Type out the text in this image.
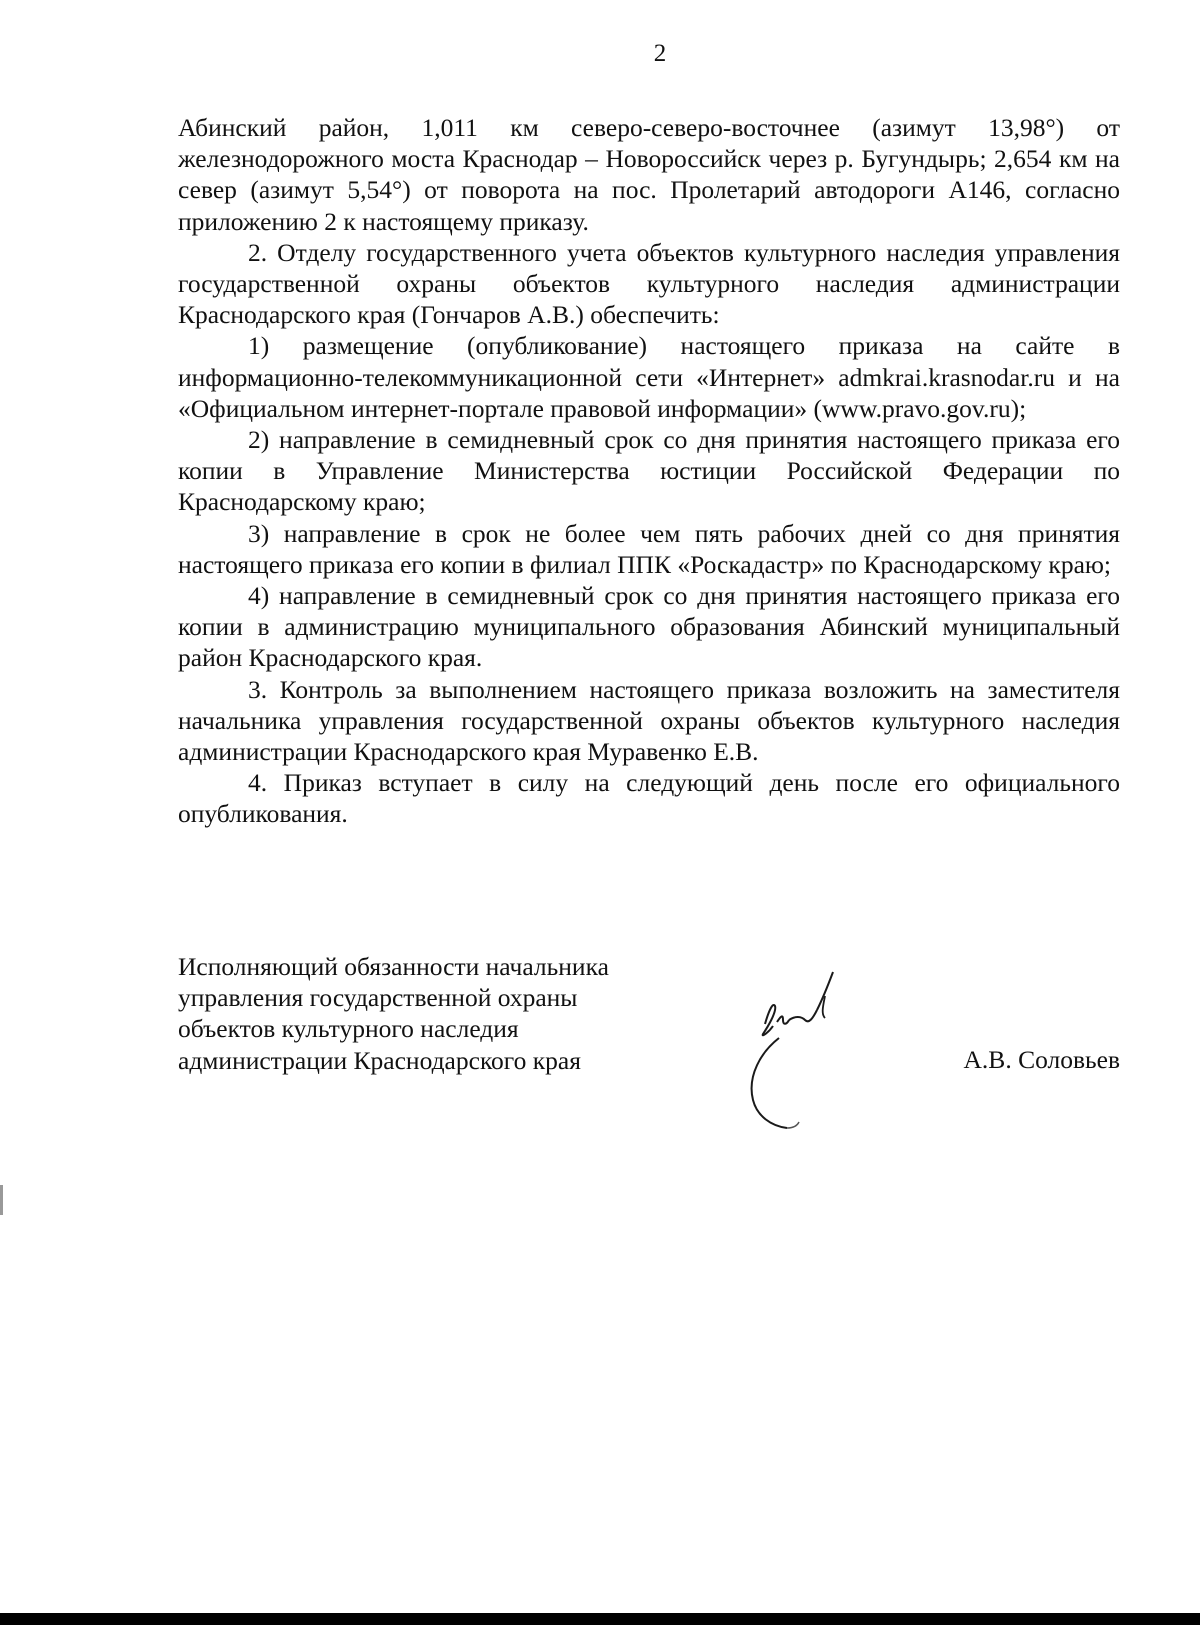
2

Абинский район, 1,011 км северо-северо-восточнее (азимут 13,98°) от железнодорожного моста Краснодар – Новороссийск через р. Бугундырь; 2,654 км на север (азимут 5,54°) от поворота на пос. Пролетарий автодороги А146, согласно приложению 2 к настоящему приказу.

2. Отделу государственного учета объектов культурного наследия управления государственной охраны объектов культурного наследия администрации Краснодарского края (Гончаров А.В.) обеспечить:

1) размещение (опубликование) настоящего приказа на сайте в информационно-телекоммуникационной сети «Интернет» admkrai.krasnodar.ru и на «Официальном интернет-портале правовой информации» (www.pravo.gov.ru);

2) направление в семидневный срок со дня принятия настоящего приказа его копии в Управление Министерства юстиции Российской Федерации по Краснодарскому краю;

3) направление в срок не более чем пять рабочих дней со дня принятия настоящего приказа его копии в филиал ППК «Роскадастр» по Краснодарскому краю;

4) направление в семидневный срок со дня принятия настоящего приказа его копии в администрацию муниципального образования Абинский муниципальный район Краснодарского края.

3. Контроль за выполнением настоящего приказа возложить на заместителя начальника управления государственной охраны объектов культурного наследия администрации Краснодарского края Муравенко Е.В.

4. Приказ вступает в силу на следующий день после его официального опубликования.

Исполняющий обязанности начальника
управления государственной охраны
объектов культурного наследия
администрации Краснодарского края	А.В. Соловьев
